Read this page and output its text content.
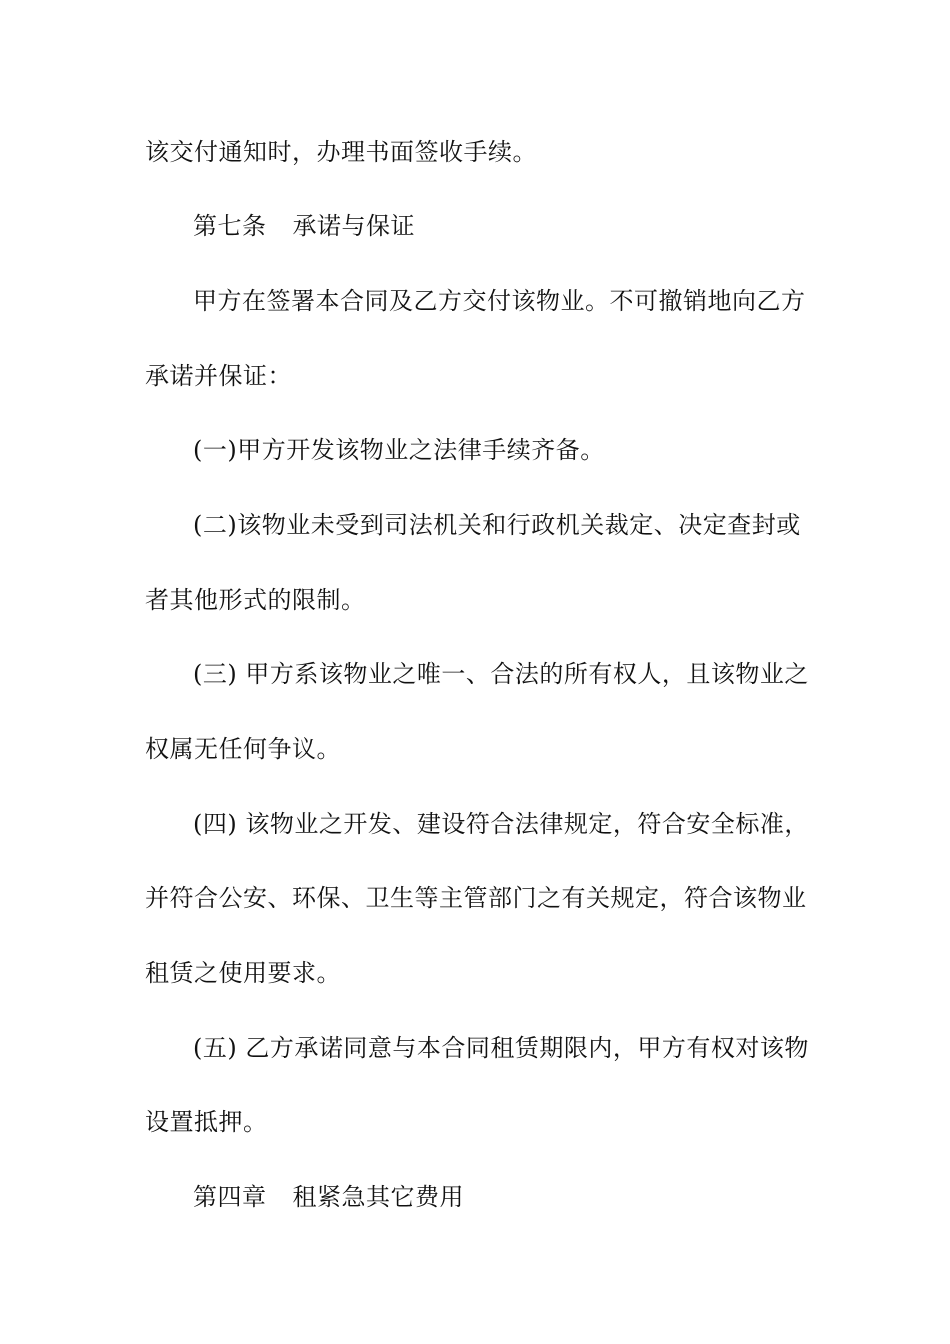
该交付通知时，办理书面签收手续。
第七条 承诺与保证
甲方在签署本合同及乙方交付该物业。不可撤销地向乙方
承诺并保证：
(一)甲方开发该物业之法律手续齐备。
(二)该物业未受到司法机关和行政机关裁定、决定查封或
者其他形式的限制。
(三) 甲方系该物业之唯一、合法的所有权人，且该物业之
权属无任何争议。
(四) 该物业之开发、建设符合法律规定，符合安全标准，
并符合公安、环保、卫生等主管部门之有关规定，符合该物业
租赁之使用要求。
(五) 乙方承诺同意与本合同租赁期限内，甲方有权对该物
设置抵押。
第四章 租紧急其它费用
